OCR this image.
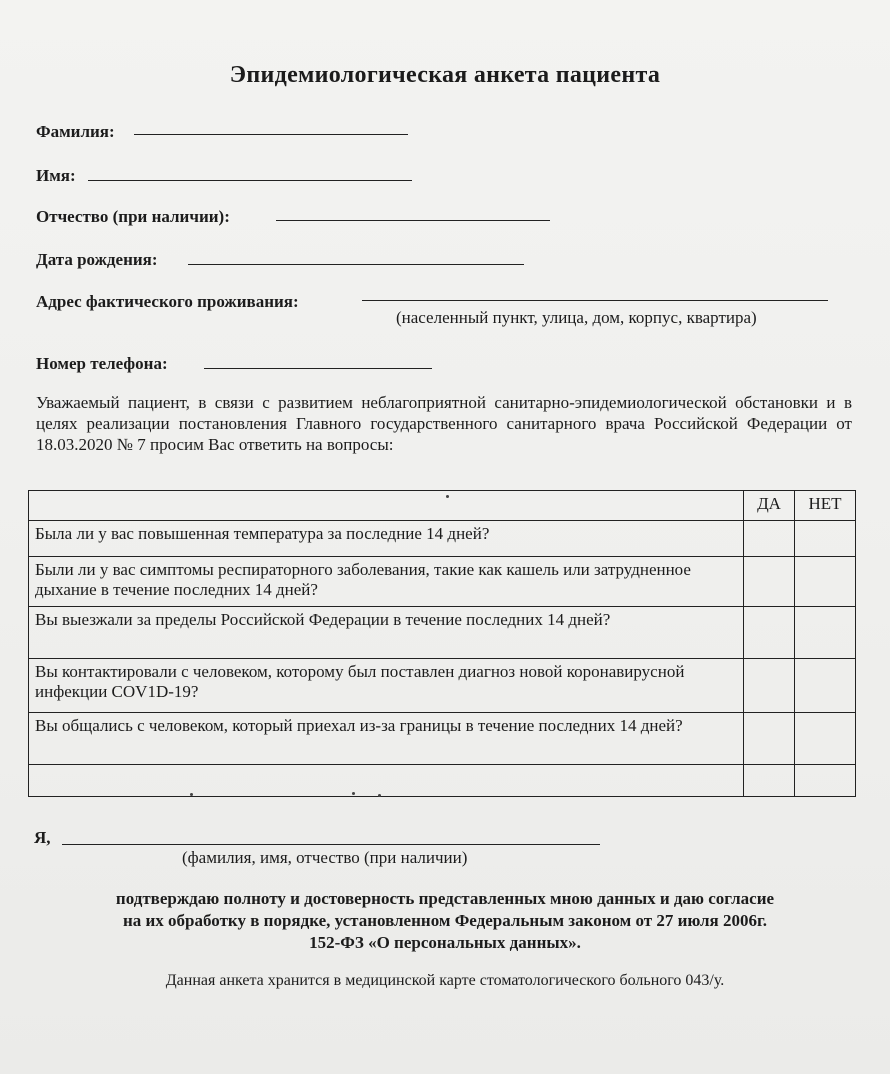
Эпидемиологическая анкета пациента
Фамилия:
Имя:
Отчество (при наличии):
Дата рождения:
Адрес фактического проживания:
(населенный пункт, улица, дом, корпус, квартира)
Номер телефона:
Уважаемый пациент, в связи с развитием неблагоприятной санитарно-эпидемиологической обстановки и в целях реализации постановления Главного государственного санитарного врача Российской Федерации от 18.03.2020 № 7 просим Вас ответить на вопросы:
	ДА	НЕТ
Была ли у вас повышенная температура за последние 14 дней?		
Были ли у вас симптомы респираторного заболевания, такие как кашель или затрудненное дыхание в течение последних 14 дней?		
Вы выезжали за пределы Российской Федерации в течение последних 14 дней?		
Вы контактировали с человеком, которому был поставлен диагноз новой коронавирусной инфекции COV1D-19?		
Вы общались с человеком, который приехал из-за границы в течение последних 14 дней?		

Я,
(фамилия, имя, отчество (при наличии)
подтверждаю полноту и достоверность представленных мною данных и даю согласие
на их обработку в порядке, установленном Федеральным законом от 27 июля 2006г.
152-ФЗ «О персональных данных».
Данная анкета хранится в медицинской карте стоматологического больного 043/у.
